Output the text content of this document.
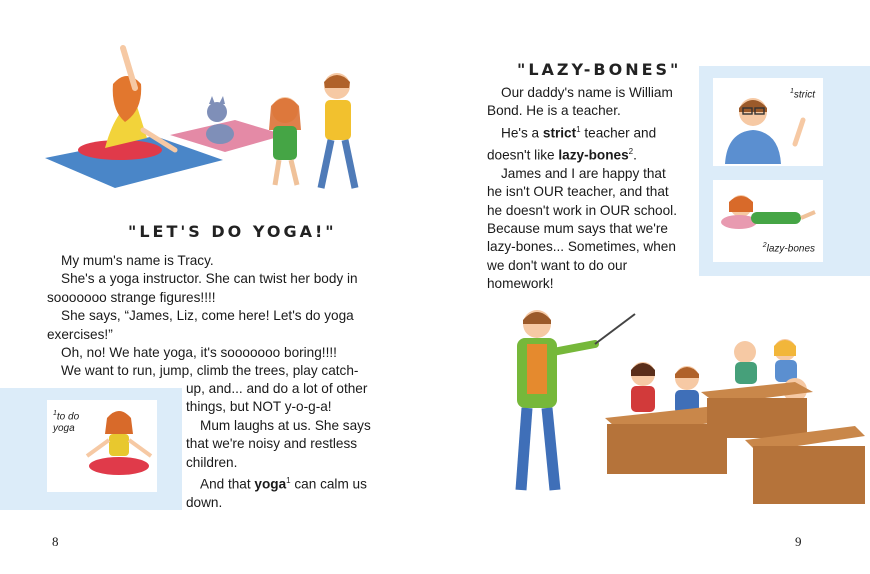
"LET'S DO YOGA!"

My mum's name is Tracy.

She's a yoga instructor. She can twist her body in sooooooo strange figures!!!!

She says, “James, Liz, come here! Let's do yoga exercises!”

Oh, no! We hate yoga, it's sooooooo boring!!!!

We want to run, jump, climb the trees, play catch-

$^1$to do yoga

up, and... and do a lot of other

things, but NOT y-o-g-a!

Mum laughs at us. She says

that we're noisy and restless

children.

And that yoga$^1$ can calm us

down.

8
"LAZY-BONES"

Our daddy's name is William Bond. He is a teacher.

He's a strict$^1$ teacher and doesn't like lazy-bones$^2$.

James and I are happy that he isn't OUR teacher, and that he doesn't work in OUR school. Because mum says that we're lazy-bones... Sometimes, when we don't want to do our homework!

$^1$strict
$^2$lazy-bones
9
